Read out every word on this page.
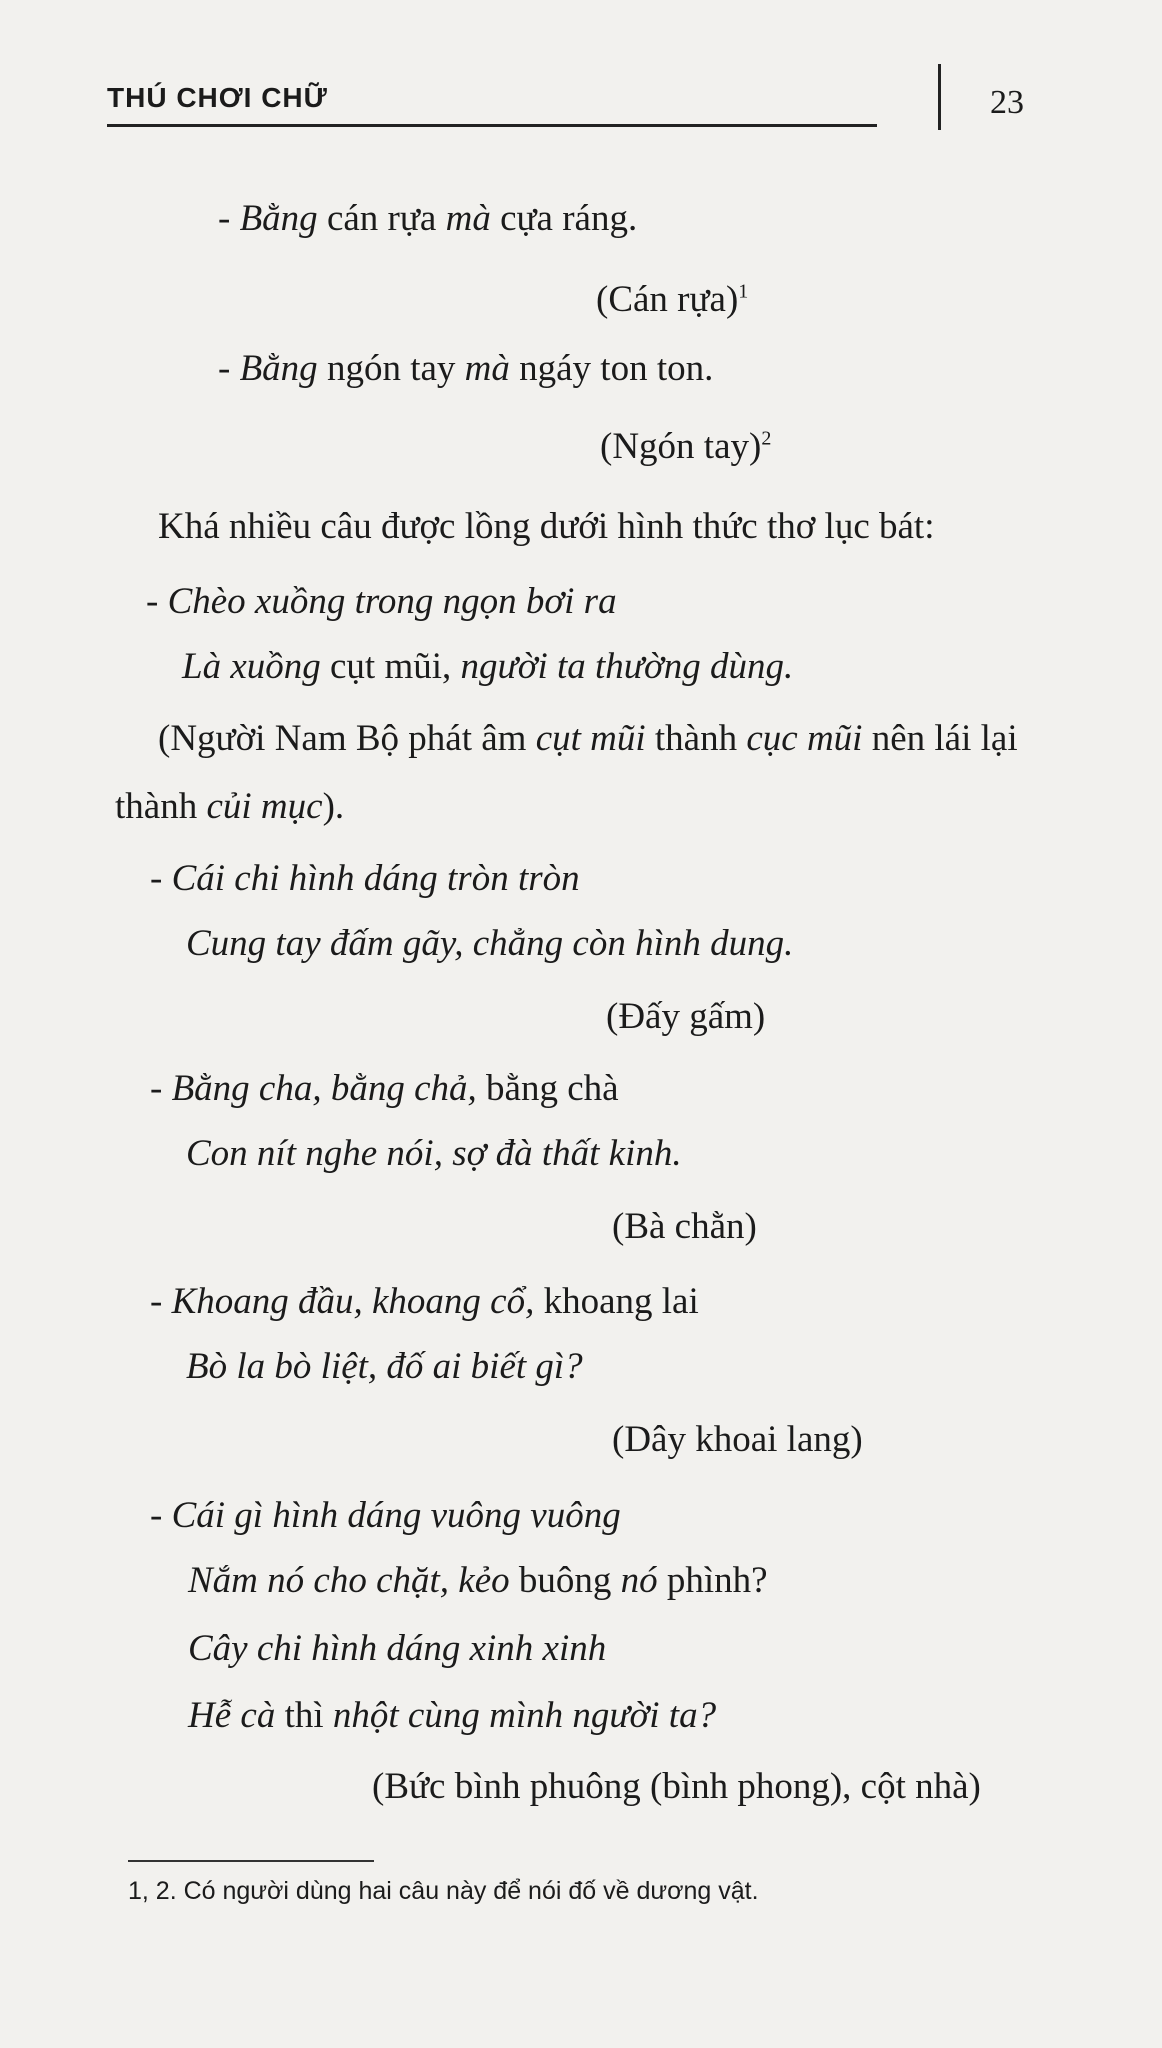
THÚ CHƠI CHỮ	23
- Bằng cán rựa mà cựa ráng.
(Cán rựa)$^1$
- Bằng ngón tay mà ngáy ton ton.
(Ngón tay)$^2$
Khá nhiều câu được lồng dưới hình thức thơ lục bát:
- Chèo xuồng trong ngọn bơi ra
Là xuồng cụt mũi, người ta thường dùng.
(Người Nam Bộ phát âm cụt mũi thành cục mũi nên lái lại
thành củi mục).
- Cái chi hình dáng tròn tròn
Cung tay đấm gãy, chẳng còn hình dung.
(Đấy gấm)
- Bằng cha, bằng chả, bằng chà
Con nít nghe nói, sợ đà thất kinh.
(Bà chằn)
- Khoang đầu, khoang cổ, khoang lai
Bò la bò liệt, đố ai biết gì?
(Dây khoai lang)
- Cái gì hình dáng vuông vuông
Nắm nó cho chặt, kẻo buông nó phình?
Cây chi hình dáng xinh xinh
Hễ cà thì nhột cùng mình người ta?
(Bức bình phuông (bình phong), cột nhà)
1, 2. Có người dùng hai câu này để nói đố về dương vật.
